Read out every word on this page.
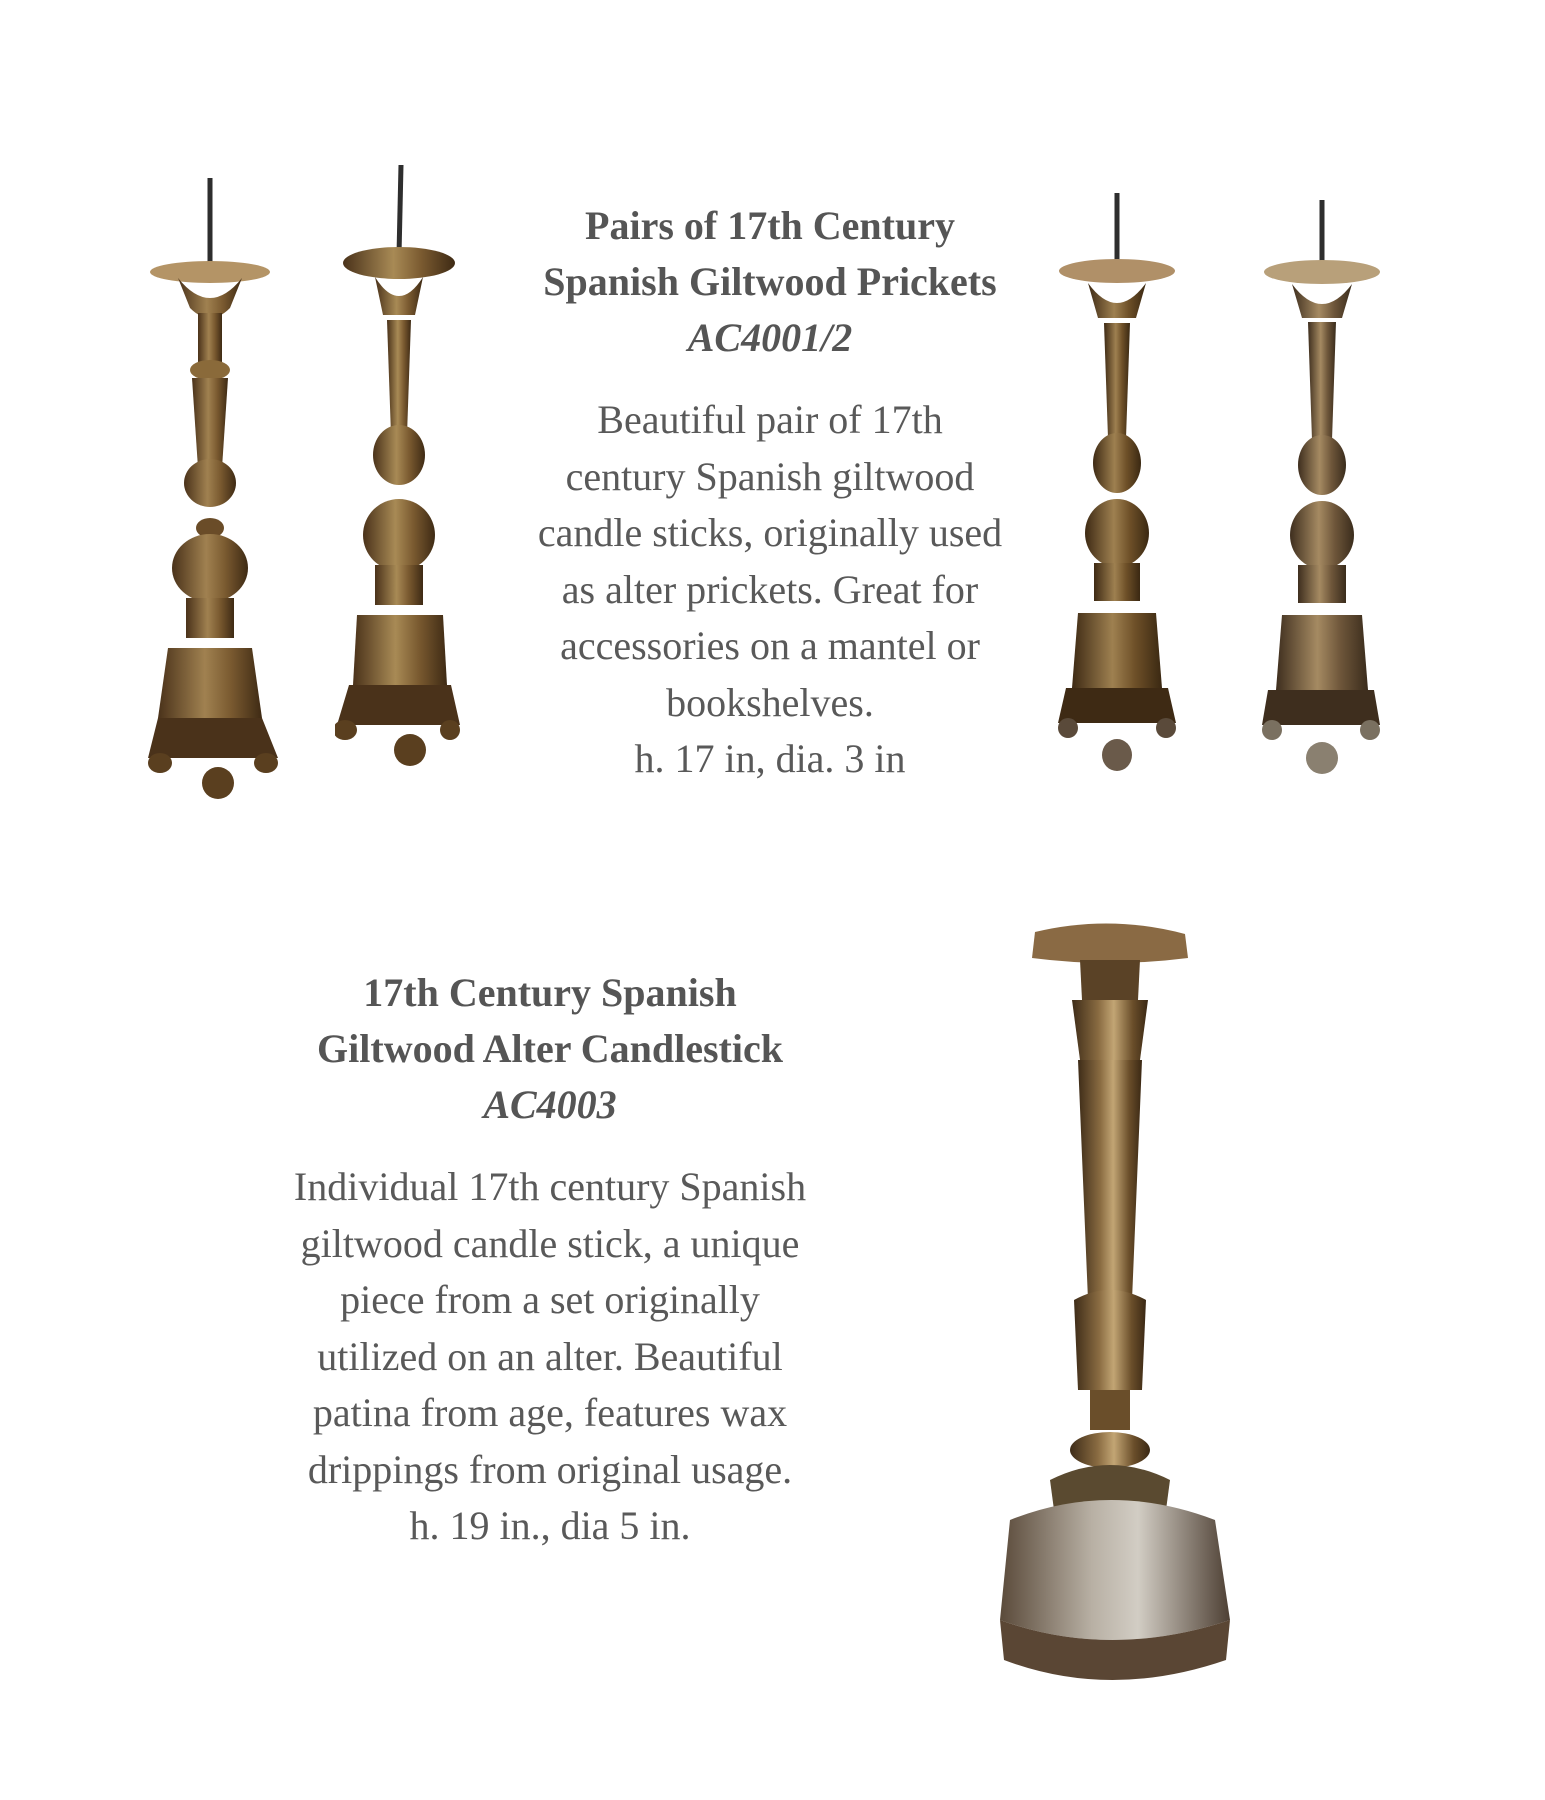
Pairs of 17th Century
Spanish Giltwood Prickets
AC4001/2
Beautiful pair of 17th
century Spanish giltwood
candle sticks, originally used
as alter prickets. Great for
accessories on a mantel or
bookshelves.
h. 17 in, dia. 3 in
17th Century Spanish
Giltwood Alter Candlestick
AC4003
Individual 17th century Spanish
giltwood candle stick, a unique
piece from a set originally
utilized on an alter. Beautiful
patina from age, features wax
drippings from original usage.
h. 19 in., dia 5 in.
